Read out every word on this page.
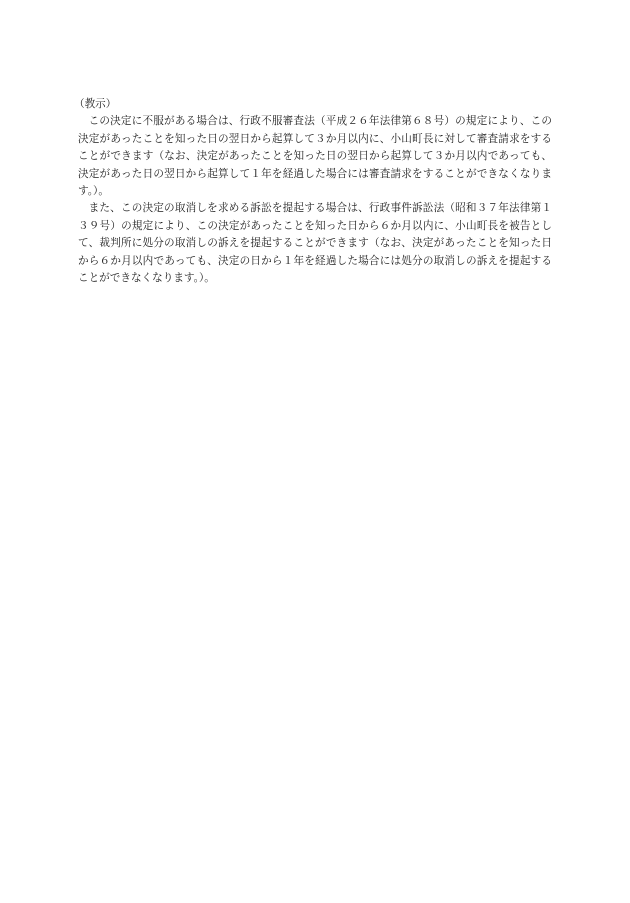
（教示）

この決定に不服がある場合は、行政不服審査法（平成２６年法律第６８号）の規定により、この決定があったことを知った日の翌日から起算して３か月以内に、小山町長に対して審査請求をすることができます（なお、決定があったことを知った日の翌日から起算して３か月以内であっても、決定があった日の翌日から起算して１年を経過した場合には審査請求をすることができなくなります。）。

また、この決定の取消しを求める訴訟を提起する場合は、行政事件訴訟法（昭和３７年法律第１３９号）の規定により、この決定があったことを知った日から６か月以内に、小山町長を被告として、裁判所に処分の取消しの訴えを提起することができます（なお、決定があったことを知った日から６か月以内であっても、決定の日から１年を経過した場合には処分の取消しの訴えを提起することができなくなります。）。
